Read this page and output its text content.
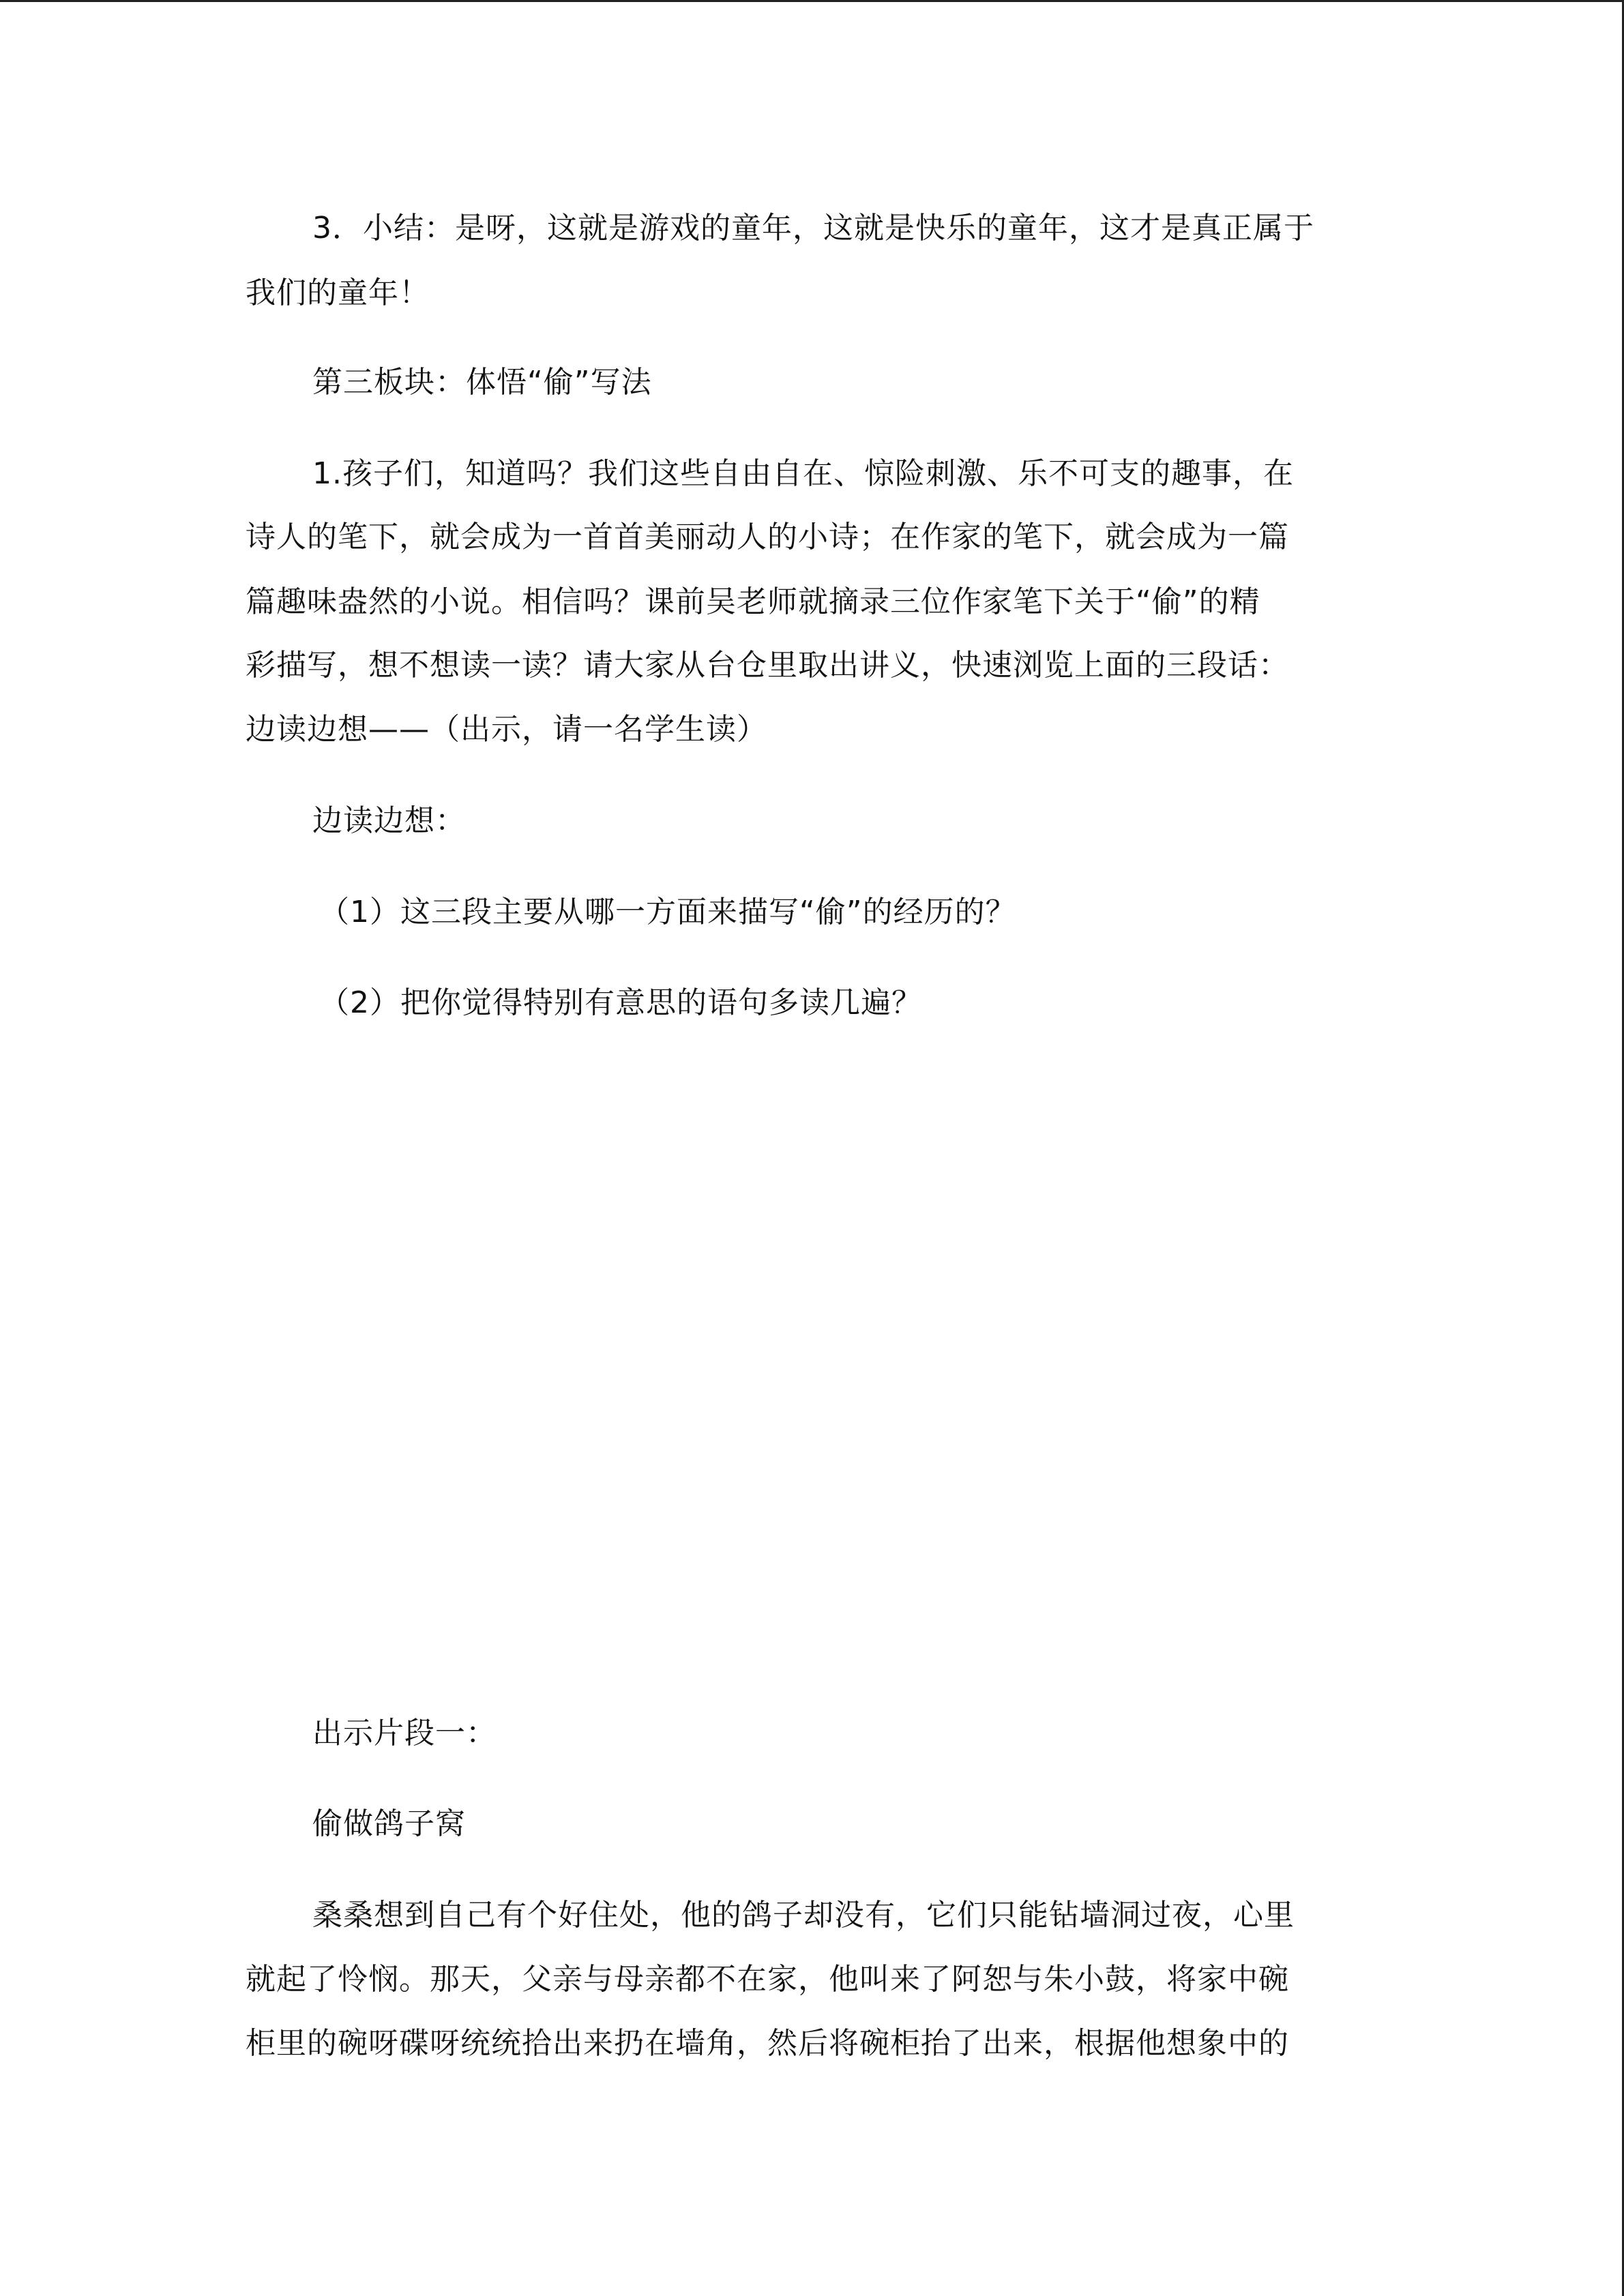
3．小结：是呀，这就是游戏的童年，这就是快乐的童年，这才是真正属于

我们的童年！

第三板块：体悟“偷”写法

1.孩子们，知道吗？我们这些自由自在、惊险刺激、乐不可支的趣事，在

诗人的笔下，就会成为一首首美丽动人的小诗；在作家的笔下，就会成为一篇

篇趣味盎然的小说。相信吗？课前吴老师就摘录三位作家笔下关于“偷”的精

彩描写，想不想读一读？请大家从台仓里取出讲义，快速浏览上面的三段话：

边读边想——（出示，请一名学生读）

边读边想：

（1）这三段主要从哪一方面来描写“偷”的经历的？

（2）把你觉得特别有意思的语句多读几遍？

出示片段一：

偷做鸽子窝

桑桑想到自己有个好住处，他的鸽子却没有，它们只能钻墙洞过夜，心里

就起了怜悯。那天，父亲与母亲都不在家，他叫来了阿恕与朱小鼓，将家中碗

柜里的碗呀碟呀统统拾出来扔在墙角，然后将碗柜抬了出来，根据他想象中的
